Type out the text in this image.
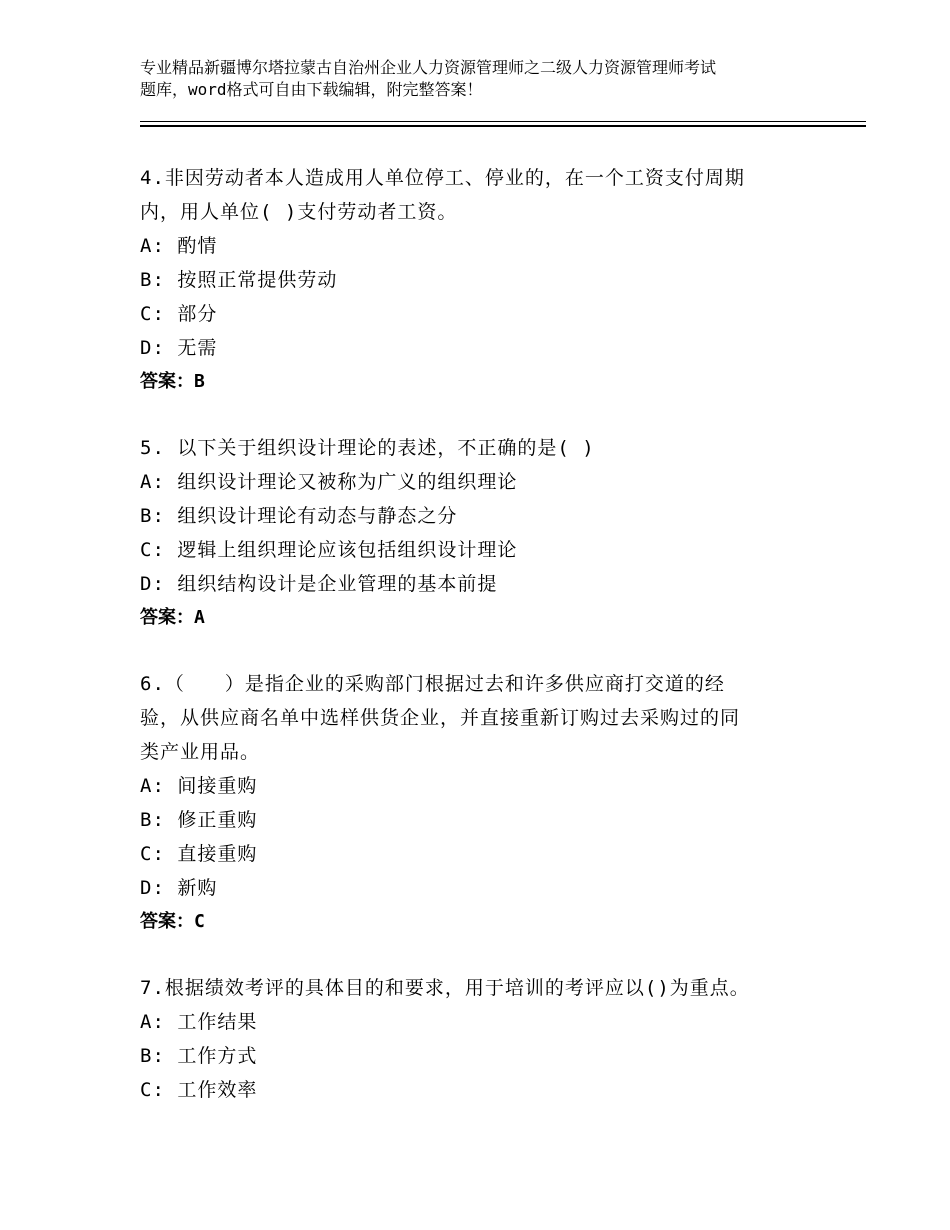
专业精品新疆博尔塔拉蒙古自治州企业人力资源管理师之二级人力资源管理师考试
题库，word格式可自由下载编辑，附完整答案！
4.非因劳动者本人造成用人单位停工、停业的，在一个工资支付周期
内，用人单位( )支付劳动者工资。
A: 酌情
B: 按照正常提供劳动
C: 部分
D: 无需
答案：B
5. 以下关于组织设计理论的表述，不正确的是( )
A: 组织设计理论又被称为广义的组织理论
B: 组织设计理论有动态与静态之分
C: 逻辑上组织理论应该包括组织设计理论
D: 组织结构设计是企业管理的基本前提
答案：A
6.（　　）是指企业的采购部门根据过去和许多供应商打交道的经
验，从供应商名单中选样供货企业，并直接重新订购过去采购过的同
类产业用品。
A: 间接重购
B: 修正重购
C: 直接重购
D: 新购
答案：C
7.根据绩效考评的具体目的和要求，用于培训的考评应以()为重点。
A: 工作结果
B: 工作方式
C: 工作效率
